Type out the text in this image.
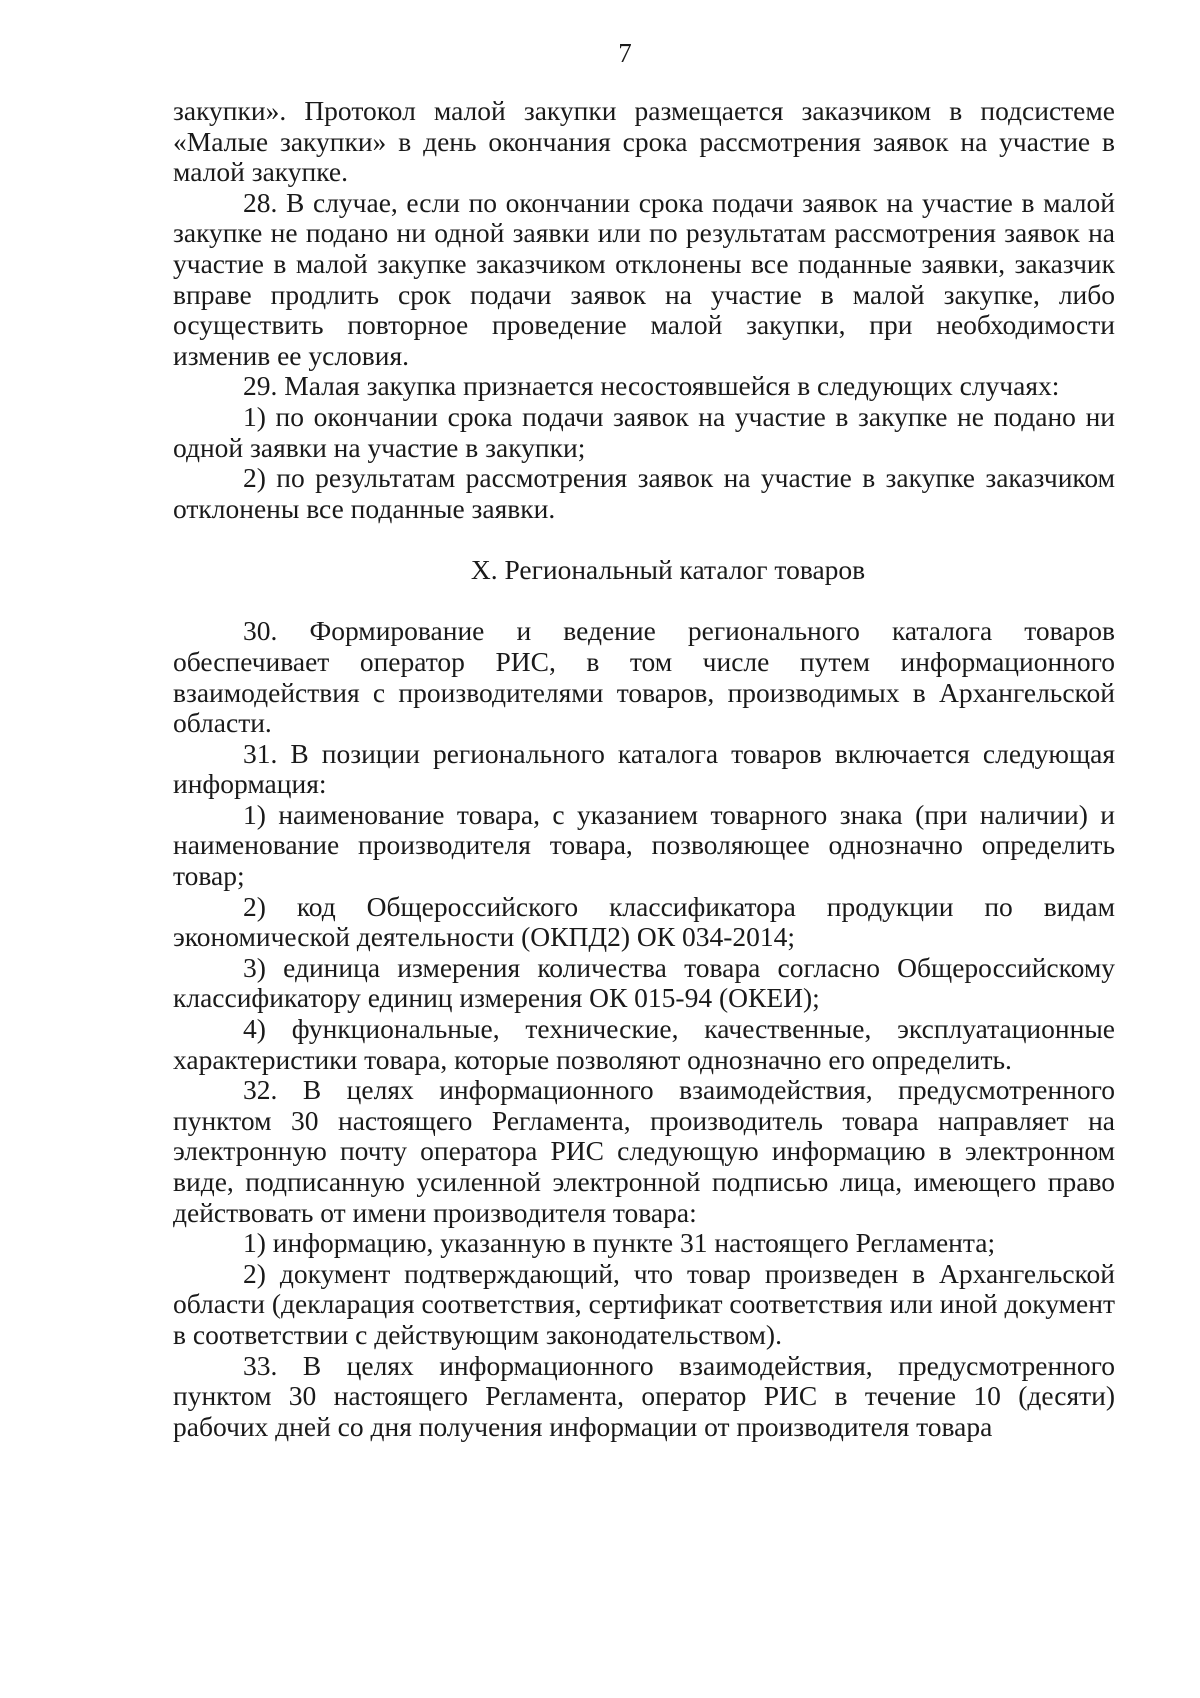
7

закупки». Протокол малой закупки размещается заказчиком в подсистеме «Малые закупки» в день окончания срока рассмотрения заявок на участие в малой закупке.

28. В случае, если по окончании срока подачи заявок на участие в малой закупке не подано ни одной заявки или по результатам рассмотрения заявок на участие в малой закупке заказчиком отклонены все поданные заявки, заказчик вправе продлить срок подачи заявок на участие в малой закупке, либо осуществить повторное проведение малой закупки, при необходимости изменив ее условия.

29. Малая закупка признается несостоявшейся в следующих случаях:

1) по окончании срока подачи заявок на участие в закупке не подано ни одной заявки на участие в закупки;

2) по результатам рассмотрения заявок на участие в закупке заказчиком отклонены все поданные заявки.

X. Региональный каталог товаров

30. Формирование и ведение регионального каталога товаров обеспечивает оператор РИС, в том числе путем информационного взаимодействия с производителями товаров, производимых в Архангельской области.

31. В позиции регионального каталога товаров включается следующая информация:

1) наименование товара, с указанием товарного знака (при наличии) и наименование производителя товара, позволяющее однозначно определить товар;

2) код Общероссийского классификатора продукции по видам экономической деятельности (ОКПД2) ОК 034-2014;

3) единица измерения количества товара согласно Общероссийскому классификатору единиц измерения ОК 015-94 (ОКЕИ);

4) функциональные, технические, качественные, эксплуатационные характеристики товара, которые позволяют однозначно его определить.

32. В целях информационного взаимодействия, предусмотренного пунктом 30 настоящего Регламента, производитель товара направляет на электронную почту оператора РИС следующую информацию в электронном виде, подписанную усиленной электронной подписью лица, имеющего право действовать от имени производителя товара:

1) информацию, указанную в пункте 31 настоящего Регламента;

2) документ подтверждающий, что товар произведен в Архангельской области (декларация соответствия, сертификат соответствия или иной документ в соответствии с действующим законодательством).

33. В целях информационного взаимодействия, предусмотренного пунктом 30 настоящего Регламента, оператор РИС в течение 10 (десяти) рабочих дней со дня получения информации от производителя товара
